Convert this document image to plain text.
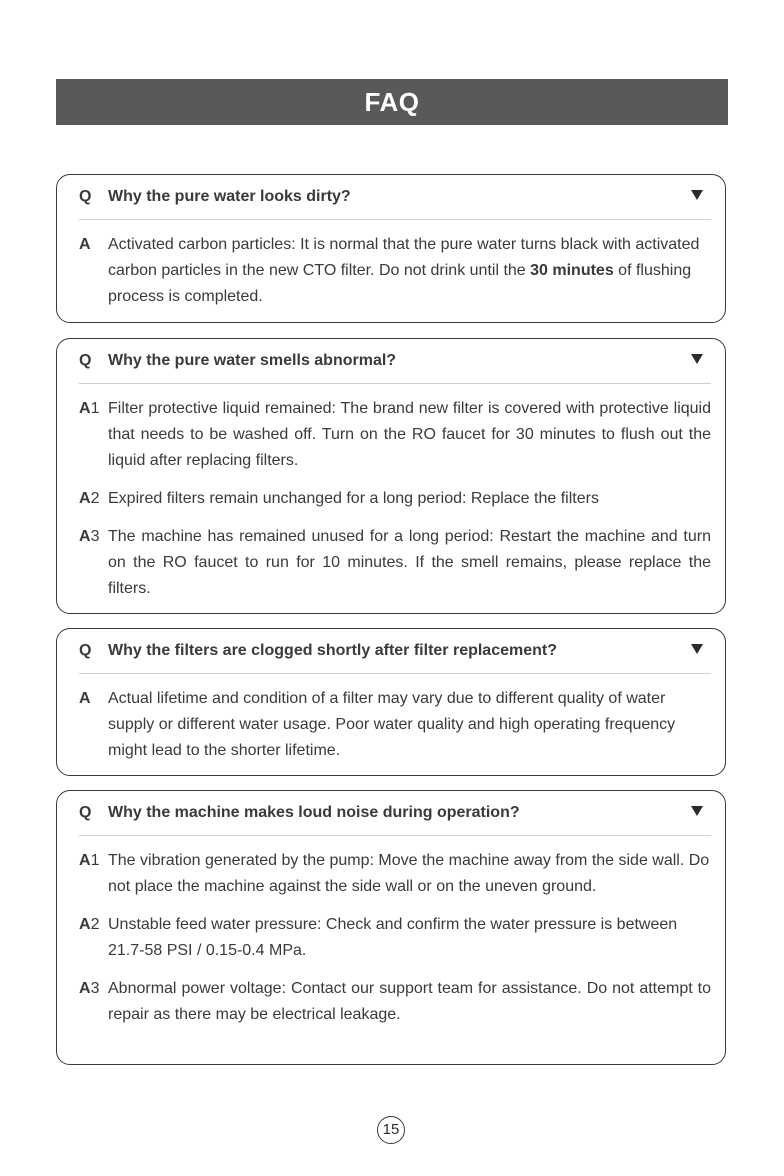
FAQ
Q Why the pure water looks dirty?
A Activated carbon particles: It is normal that the pure water turns black with activated carbon particles in the new CTO filter. Do not drink until the 30 minutes of flushing process is completed.
Q Why the pure water smells abnormal?
A1 Filter protective liquid remained: The brand new filter is covered with protective liquid that needs to be washed off. Turn on the RO faucet for 30 minutes to flush out the liquid after replacing filters.
A2 Expired filters remain unchanged for a long period: Replace the filters
A3 The machine has remained unused for a long period: Restart the machine and turn on the RO faucet to run for 10 minutes. If the smell remains, please replace the filters.
Q Why the filters are clogged shortly after filter replacement?
A Actual lifetime and condition of a filter may vary due to different quality of water supply or different water usage. Poor water quality and high operating frequency might lead to the shorter lifetime.
Q Why the machine makes loud noise during operation?
A1 The vibration generated by the pump: Move the machine away from the side wall. Do not place the machine against the side wall or on the uneven ground.
A2 Unstable feed water pressure: Check and confirm the water pressure is between 21.7-58 PSI / 0.15-0.4 MPa.
A3 Abnormal power voltage: Contact our support team for assistance. Do not attempt to repair as there may be electrical leakage.
15
